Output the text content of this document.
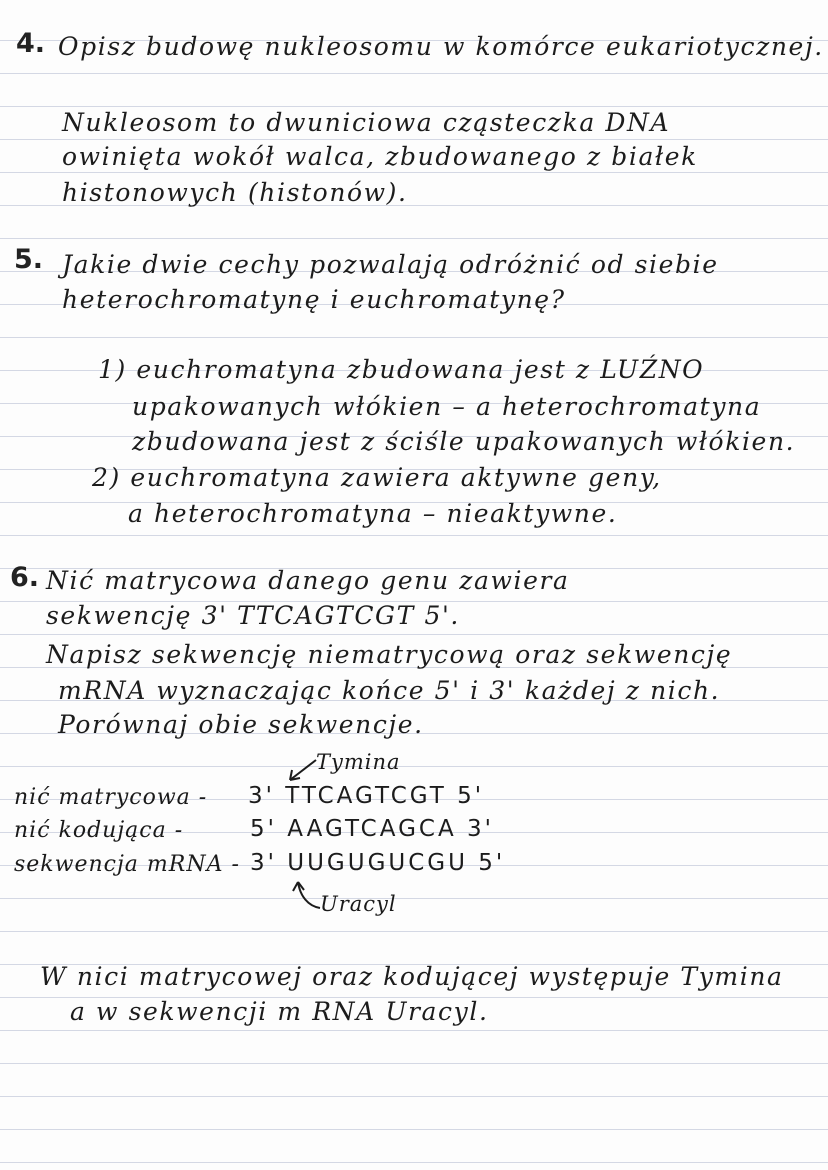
4. Opisz budowę nukleosomu w komórce eukariotycznej.
Nukleosom to dwuniciowa cząsteczka DNA
owinięta wokół walca, zbudowanego z białek
histonowych (histonów).
5. Jakie dwie cechy pozwalają odróżnić od siebie
heterochromatynę i euchromatynę?
1) euchromatyna zbudowana jest z LUŹNO
upakowanych włókien – a heterochromatyna
zbudowana jest z ściśle upakowanych włókien.
2) euchromatyna zawiera aktywne geny,
a heterochromatyna – nieaktywne.
6. Nić matrycowa danego genu zawiera
sekwencję 3' TTCAGTCGT 5'.
Napisz sekwencję niematrycową oraz sekwencję
mRNA wyznaczając końce 5' i 3' każdej z nich.
Porównaj obie sekwencje.
Tymina
nić matrycowa - 3' TTCAGTCGT 5'
nić kodująca -	5' AAGTCAGCA 3'
sekwencja mRNA - 3' UUGUGUCGU 5'
Uracyl
W nici matrycowej oraz kodującej występuje Tymina
a w sekwencji m RNA Uracyl.
